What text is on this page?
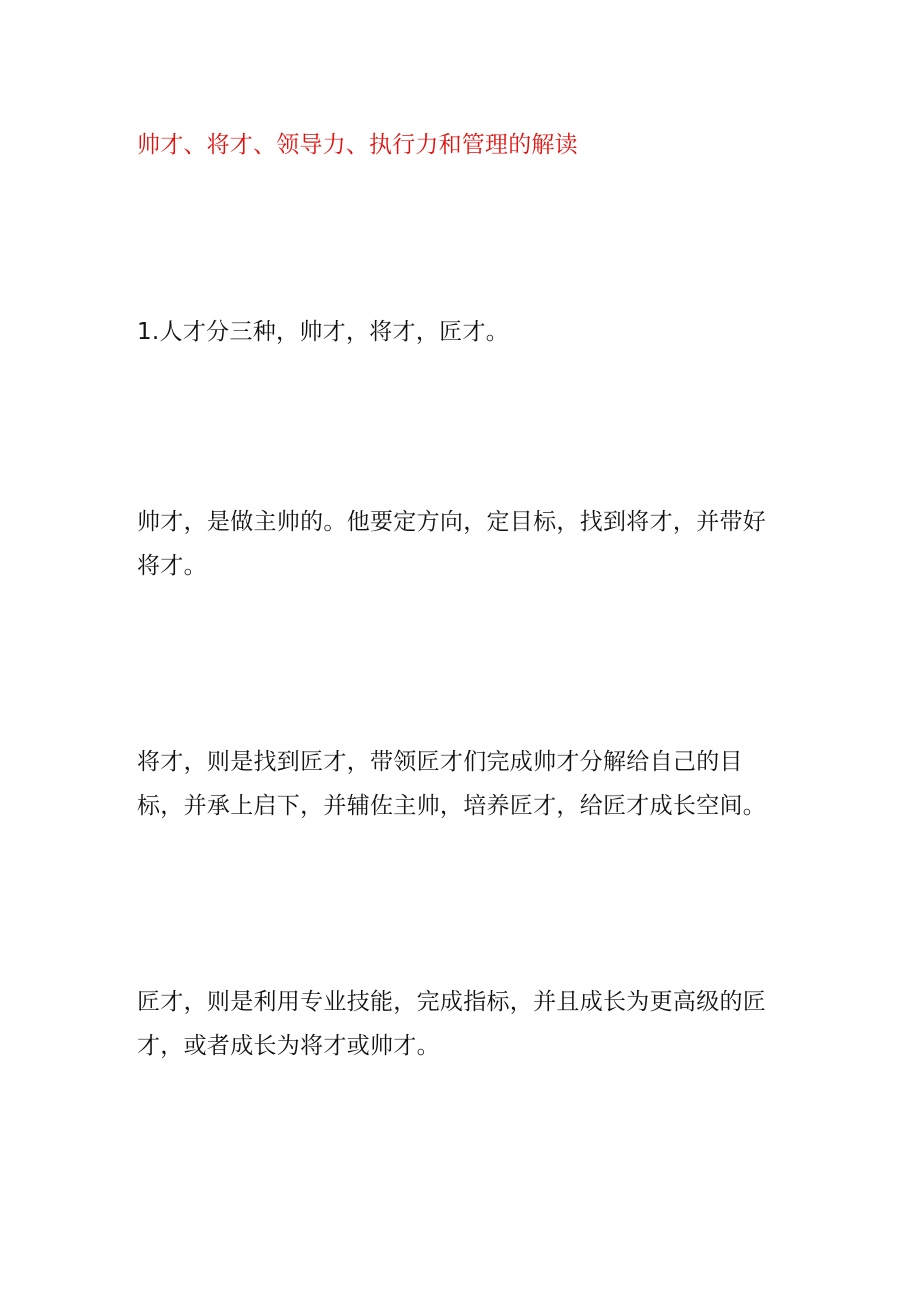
帅才、将才、领导力、执行力和管理的解读

1.人才分三种，帅才，将才，匠才。

帅才，是做主帅的。他要定方向，定目标，找到将才，并带好将才。

将才，则是找到匠才，带领匠才们完成帅才分解给自己的目标，并承上启下，并辅佐主帅，培养匠才，给匠才成长空间。

匠才，则是利用专业技能，完成指标，并且成长为更高级的匠才，或者成长为将才或帅才。
